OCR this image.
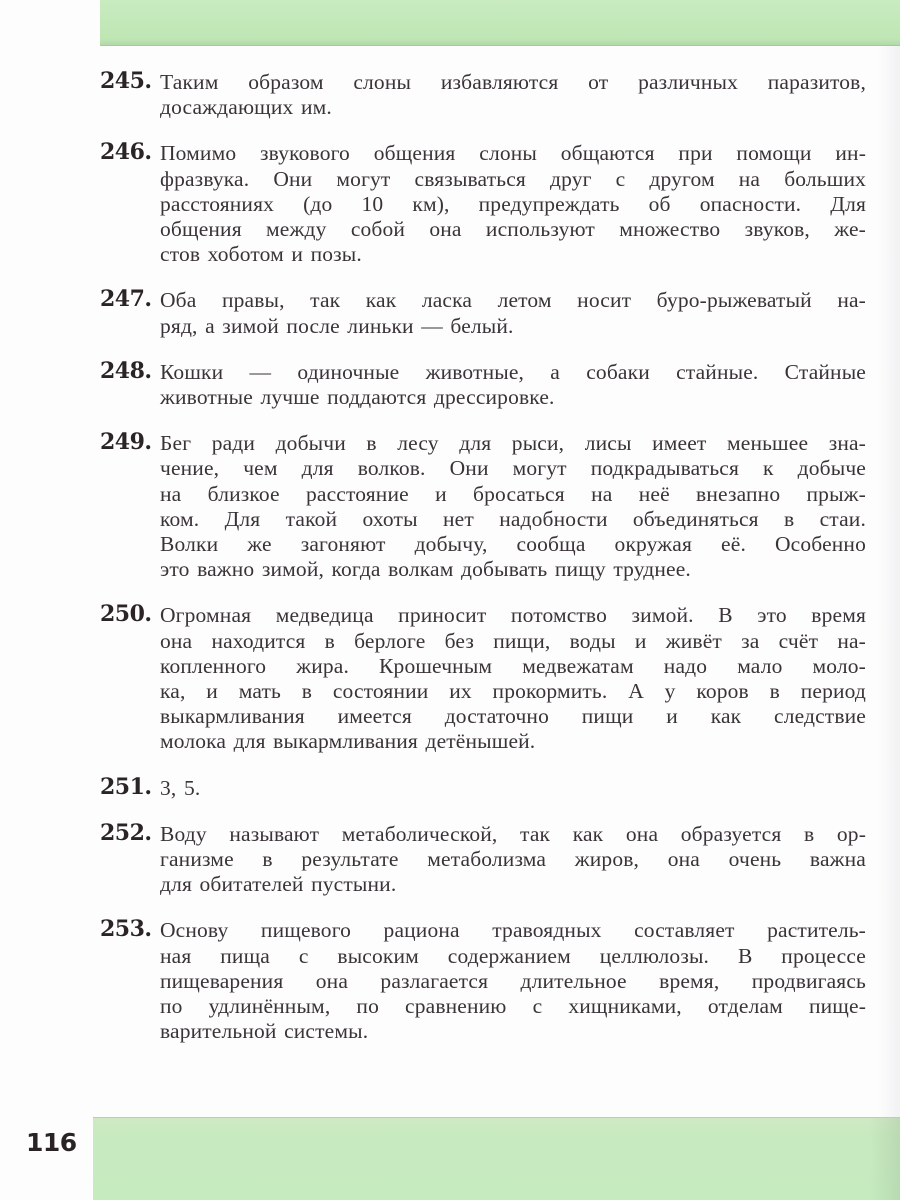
245. Таким образом слоны избавляются от различных паразитов,
досаждающих им.
246. Помимо звукового общения слоны общаются при помощи ин-
фразвука. Они могут связываться друг с другом на больших
расстояниях (до 10 км), предупреждать об опасности. Для
общения между собой она используют множество звуков, же-
стов хоботом и позы.
247. Оба правы, так как ласка летом носит буро-рыжеватый на-
ряд, а зимой после линьки — белый.
248. Кошки — одиночные животные, а собаки стайные. Стайные
животные лучше поддаются дрессировке.
249. Бег ради добычи в лесу для рыси, лисы имеет меньшее зна-
чение, чем для волков. Они могут подкрадываться к добыче
на близкое расстояние и бросаться на неё внезапно прыж-
ком. Для такой охоты нет надобности объединяться в стаи.
Волки же загоняют добычу, сообща окружая её. Особенно
это важно зимой, когда волкам добывать пищу труднее.
250. Огромная медведица приносит потомство зимой. В это время
она находится в берлоге без пищи, воды и живёт за счёт на-
копленного жира. Крошечным медвежатам надо мало моло-
ка, и мать в состоянии их прокормить. А у коров в период
выкармливания имеется достаточно пищи и как следствие
молока для выкармливания детёнышей.
251. 3, 5.
252. Воду называют метаболической, так как она образуется в ор-
ганизме в результате метаболизма жиров, она очень важна
для обитателей пустыни.
253. Основу пищевого рациона травоядных составляет раститель-
ная пища с высоким содержанием целлюлозы. В процессе
пищеварения она разлагается длительное время, продвигаясь
по удлинённым, по сравнению с хищниками, отделам пище-
варительной системы.
116
